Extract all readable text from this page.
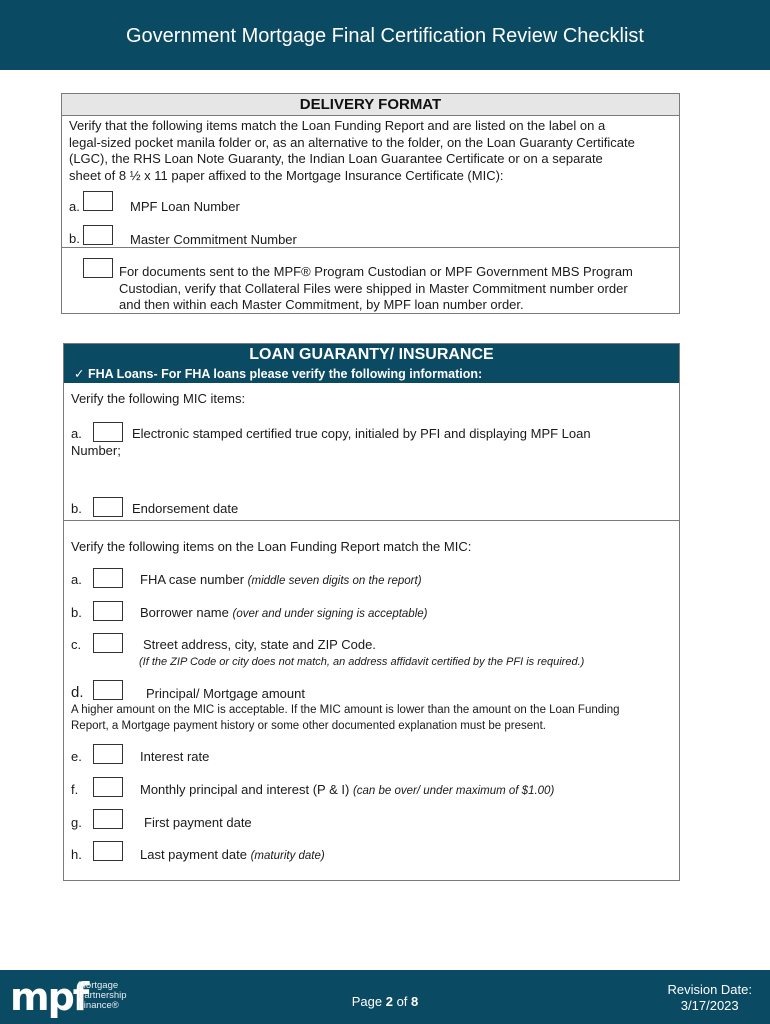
Government Mortgage Final Certification Review Checklist
DELIVERY FORMAT
Verify that the following items match the Loan Funding Report and are listed on the label on a
legal-sized pocket manila folder or, as an alternative to the folder, on the Loan Guaranty Certificate
(LGC), the RHS Loan Note Guaranty, the Indian Loan Guarantee Certificate or on a separate
sheet of 8 ½ x 11 paper affixed to the Mortgage Insurance Certificate (MIC):
a.	MPF Loan Number
b.	Master Commitment Number
For documents sent to the MPF® Program Custodian or MPF Government MBS Program
Custodian, verify that Collateral Files were shipped in Master Commitment number order
and then within each Master Commitment, by MPF loan number order.
LOAN GUARANTY/ INSURANCE
✓ FHA Loans- For FHA loans please verify the following information:
Verify the following MIC items:
a.	Electronic stamped certified true copy, initialed by PFI and displaying MPF Loan
Number;
b.	Endorsement date
Verify the following items on the Loan Funding Report match the MIC:
a.	FHA case number (middle seven digits on the report)
b.	Borrower name (over and under signing is acceptable)
c.	Street address, city, state and ZIP Code.
(If the ZIP Code or city does not match, an address affidavit certified by the PFI is required.)
d.	Principal/ Mortgage amount
A higher amount on the MIC is acceptable. If the MIC amount is lower than the amount on the Loan Funding
Report, a Mortgage payment history or some other documented explanation must be present.
e.	Interest rate
f.	Monthly principal and interest (P & I) (can be over/ under maximum of $1.00)
g.	First payment date
h.	Last payment date (maturity date)
mpf
Mortgage
Partnership
Finance®	Page 2 of 8
Revision Date:
3/17/2023
